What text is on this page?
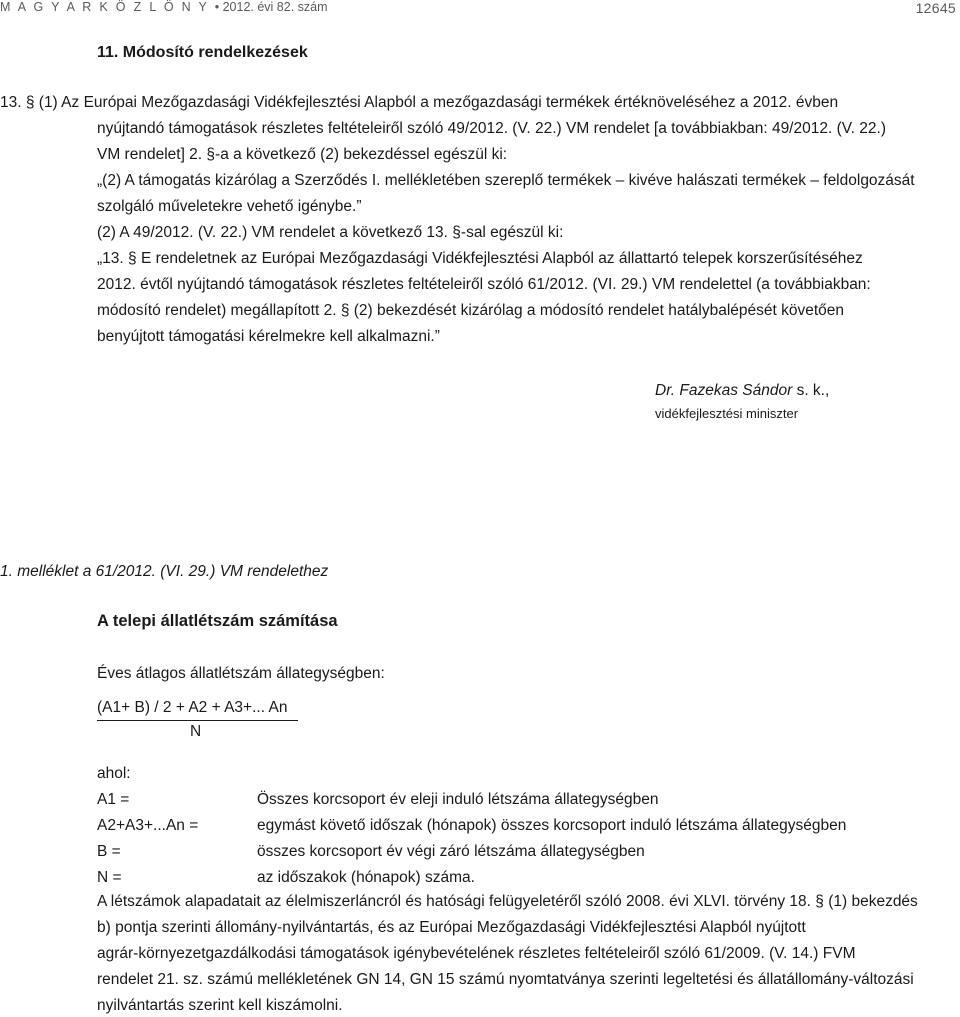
M A G Y A R K Ö Z L Ö N Y • 2012. évi 82. szám	12645
11. Módosító rendelkezések
13. § (1) Az Európai Mezőgazdasági Vidékfejlesztési Alapból a mezőgazdasági termékek értéknöveléséhez a 2012. évben
nyújtandó támogatások részletes feltételeiről szóló 49/2012. (V. 22.) VM rendelet [a továbbiakban: 49/2012. (V. 22.)
VM rendelet] 2. §-a a következő (2) bekezdéssel egészül ki:
„(2) A támogatás kizárólag a Szerződés I. mellékletében szereplő termékek – kivéve halászati termékek – feldolgozását
szolgáló műveletekre vehető igénybe.”
(2) A 49/2012. (V. 22.) VM rendelet a következő 13. §-sal egészül ki:
„13. § E rendeletnek az Európai Mezőgazdasági Vidékfejlesztési Alapból az állattartó telepek korszerűsítéséhez
2012. évtől nyújtandó támogatások részletes feltételeiről szóló 61/2012. (VI. 29.) VM rendelettel (a továbbiakban:
módosító rendelet) megállapított 2. § (2) bekezdését kizárólag a módosító rendelet hatálybalépését követően
benyújtott támogatási kérelmekre kell alkalmazni.”
Dr. Fazekas Sándor s. k.,
vidékfejlesztési miniszter
1. melléklet a 61/2012. (VI. 29.) VM rendelethez
A telepi állatlétszám számítása
Éves átlagos állatlétszám állategységben:
(A1+ B) / 2 + A2 + A3+... An
N
ahol:
A1 =	Összes korcsoport év eleji induló létszáma állategységben
A2+A3+...An =	egymást követő időszak (hónapok) összes korcsoport induló létszáma állategységben
B =	összes korcsoport év végi záró létszáma állategységben
N =	az időszakok (hónapok) száma.
A létszámok alapadatait az élelmiszerláncról és hatósági felügyeletéről szóló 2008. évi XLVI. törvény 18. § (1) bekezdés
b) pontja szerinti állomány-nyilvántartás, és az Európai Mezőgazdasági Vidékfejlesztési Alapból nyújtott
agrár-környezetgazdálkodási támogatások igénybevételének részletes feltételeiről szóló 61/2009. (V. 14.) FVM
rendelet 21. sz. számú mellékletének GN 14, GN 15 számú nyomtatványa szerinti legeltetési és állatállomány-változási
nyilvántartás szerint kell kiszámolni.
